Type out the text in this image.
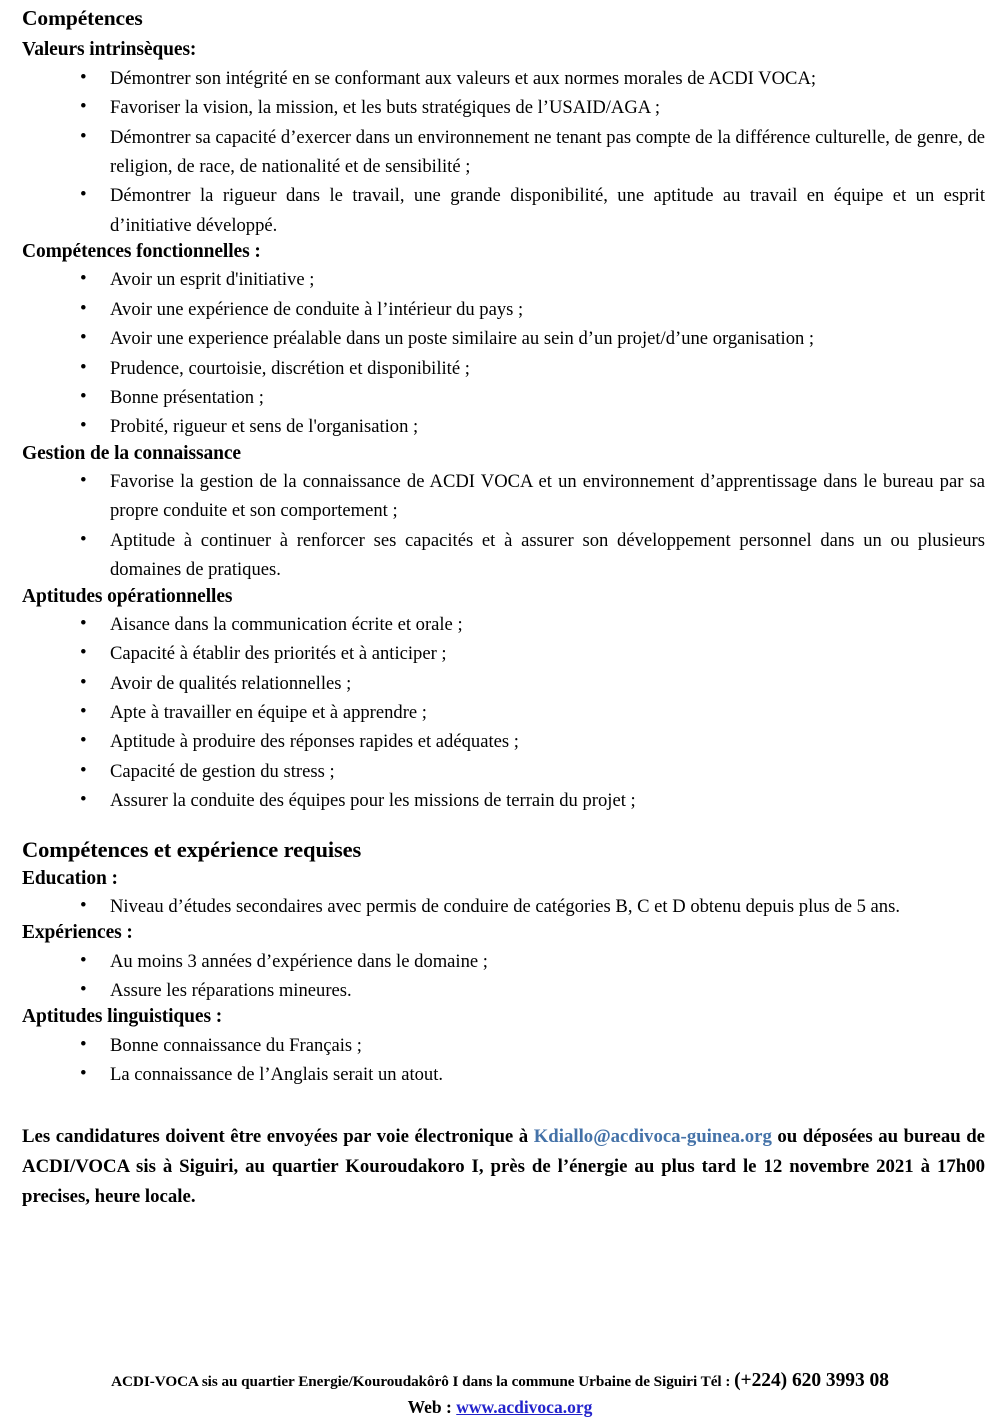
Compétences
Valeurs intrinsèques:
• Démontrer son intégrité en se conformant aux valeurs et aux normes morales de ACDI VOCA;
• Favoriser la vision, la mission, et les buts stratégiques de l’USAID/AGA ;
• Démontrer sa capacité d’exercer dans un environnement ne tenant pas compte de la différence culturelle, de genre, de religion, de race, de nationalité et de sensibilité ;
• Démontrer la rigueur dans le travail, une grande disponibilité, une aptitude au travail en équipe et un esprit d’initiative développé.
Compétences fonctionnelles :
• Avoir un esprit d'initiative ;
• Avoir une expérience de conduite à l’intérieur du pays ;
• Avoir une experience préalable dans un poste similaire au sein d’un projet/d’une organisation ;
• Prudence, courtoisie, discrétion et disponibilité ;
• Bonne présentation ;
• Probité, rigueur et sens de l'organisation ;
Gestion de la connaissance
• Favorise la gestion de la connaissance de ACDI VOCA et un environnement d’apprentissage dans le bureau par sa propre conduite et son comportement ;
• Aptitude à continuer à renforcer ses capacités et à assurer son développement personnel dans un ou plusieurs domaines de pratiques.
Aptitudes opérationnelles
• Aisance dans la communication écrite et orale ;
• Capacité à établir des priorités et à anticiper ;
• Avoir de qualités relationnelles ;
• Apte à travailler en équipe et à apprendre ;
• Aptitude à produire des réponses rapides et adéquates ;
• Capacité de gestion du stress ;
• Assurer la conduite des équipes pour les missions de terrain du projet ;
Compétences et expérience requises
Education :
• Niveau d’études secondaires avec permis de conduire de catégories B, C et D obtenu depuis plus de 5 ans.
Expériences :
• Au moins 3 années d’expérience dans le domaine ;
• Assure les réparations mineures.
Aptitudes linguistiques :
• Bonne connaissance du Français ;
• La connaissance de l’Anglais serait un atout.

Les candidatures doivent être envoyées par voie électronique à Kdiallo@acdivoca-guinea.org ou déposées au bureau de ACDI/VOCA sis à Siguiri, au quartier Kouroudakoro I, près de l’énergie au plus tard le 12 novembre 2021 à 17h00 precises, heure locale.

ACDI-VOCA sis au quartier Energie/Kouroudakôrô I dans la commune Urbaine de Siguiri Tél : (+224) 620 3993 08
Web : www.acdivoca.org
